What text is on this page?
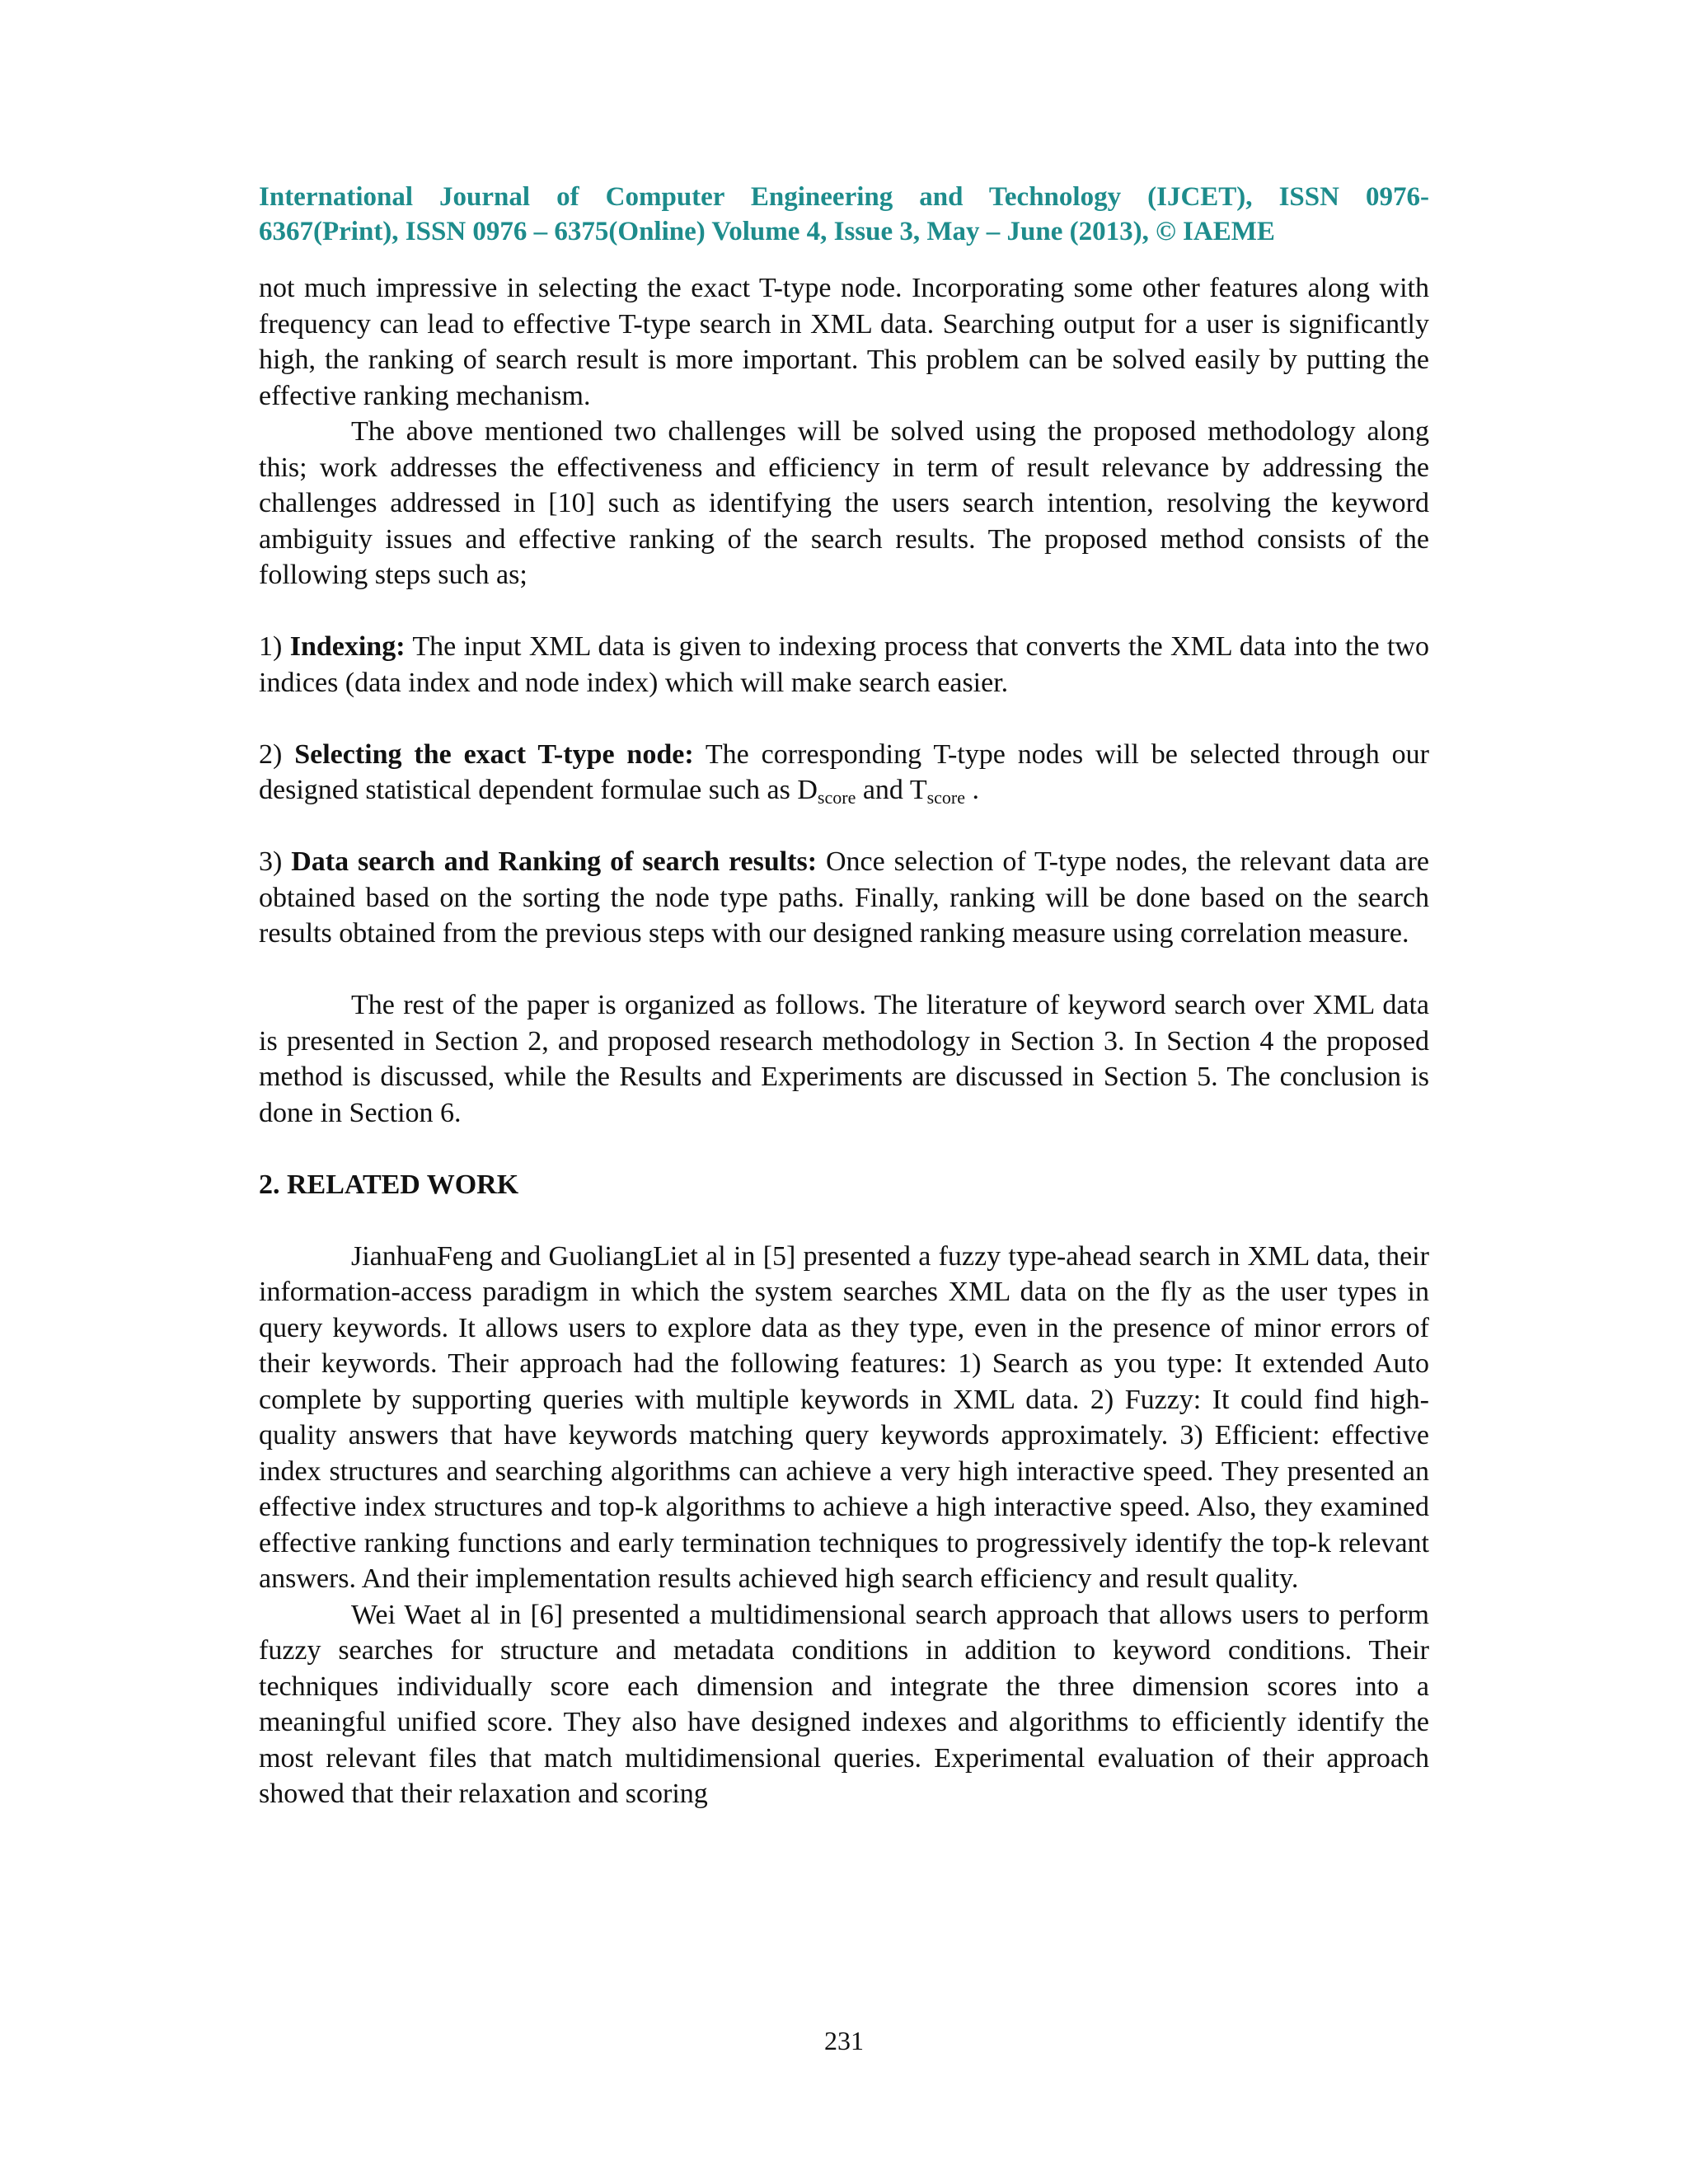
International Journal of Computer Engineering and Technology (IJCET), ISSN 0976-
6367(Print), ISSN 0976 – 6375(Online) Volume 4, Issue 3, May – June (2013), © IAEME

not much impressive in selecting the exact T-type node. Incorporating some other features along with frequency can lead to effective T-type search in XML data. Searching output for a user is significantly high, the ranking of search result is more important. This problem can be solved easily by putting the effective ranking mechanism.

The above mentioned two challenges will be solved using the proposed methodology along this; work addresses the effectiveness and efficiency in term of result relevance by addressing the challenges addressed in [10] such as identifying the users search intention, resolving the keyword ambiguity issues and effective ranking of the search results. The proposed method consists of the following steps such as;

1) Indexing: The input XML data is given to indexing process that converts the XML data into the two indices (data index and node index) which will make search easier.

2) Selecting the exact T-type node: The corresponding T-type nodes will be selected through our designed statistical dependent formulae such as $D_{score}$ and $T_{score}$ .

3) Data search and Ranking of search results: Once selection of T-type nodes, the relevant data are obtained based on the sorting the node type paths. Finally, ranking will be done based on the search results obtained from the previous steps with our designed ranking measure using correlation measure.

The rest of the paper is organized as follows. The literature of keyword search over XML data is presented in Section 2, and proposed research methodology in Section 3. In Section 4 the proposed method is discussed, while the Results and Experiments are discussed in Section 5. The conclusion is done in Section 6.

2. RELATED WORK

JianhuaFeng and GuoliangLiet al in [5] presented a fuzzy type-ahead search in XML data, their information-access paradigm in which the system searches XML data on the fly as the user types in query keywords. It allows users to explore data as they type, even in the presence of minor errors of their keywords. Their approach had the following features: 1) Search as you type: It extended Auto complete by supporting queries with multiple keywords in XML data. 2) Fuzzy: It could find high-quality answers that have keywords matching query keywords approximately. 3) Efficient: effective index structures and searching algorithms can achieve a very high interactive speed. They presented an effective index structures and top-k algorithms to achieve a high interactive speed. Also, they examined effective ranking functions and early termination techniques to progressively identify the top-k relevant answers. And their implementation results achieved high search efficiency and result quality.

Wei Waet al in [6] presented a multidimensional search approach that allows users to perform fuzzy searches for structure and metadata conditions in addition to keyword conditions. Their techniques individually score each dimension and integrate the three dimension scores into a meaningful unified score. They also have designed indexes and algorithms to efficiently identify the most relevant files that match multidimensional queries. Experimental evaluation of their approach showed that their relaxation and scoring

231
